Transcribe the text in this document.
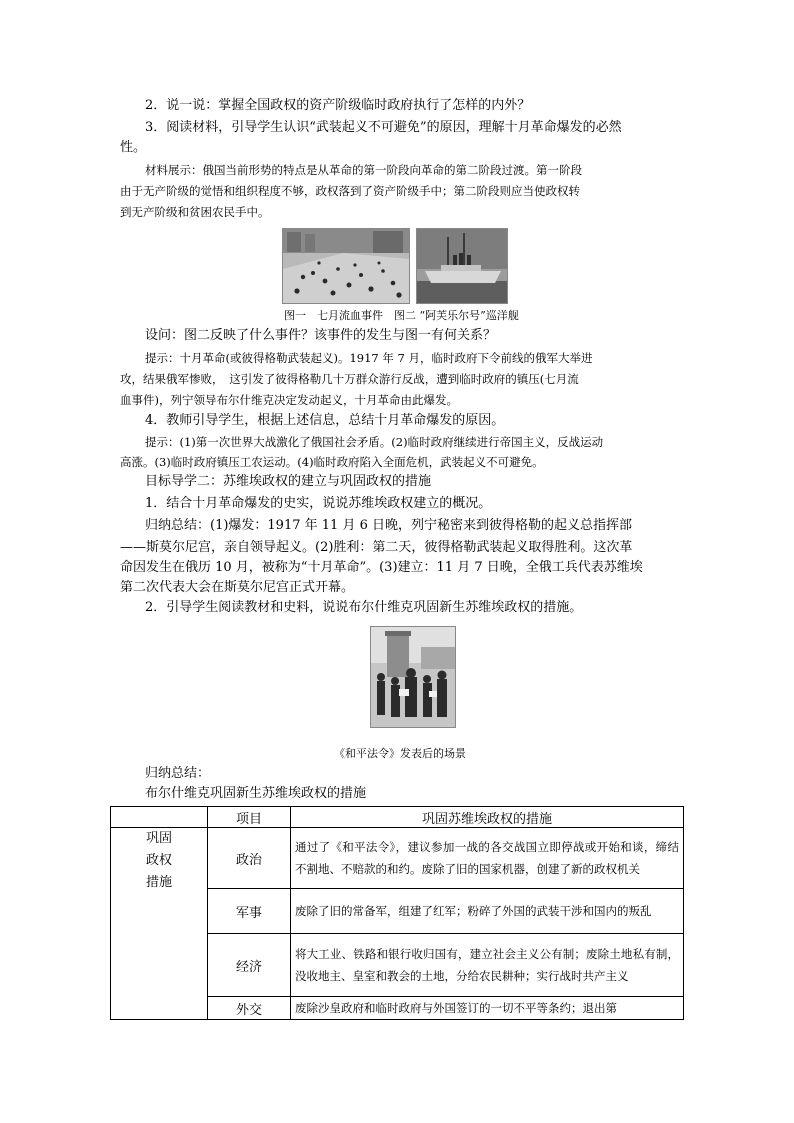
2．说一说：掌握全国政权的资产阶级临时政府执行了怎样的内外？
3．阅读材料，引导学生认识“武装起义不可避免”的原因，理解十月革命爆发的必然
性。
材料展示：俄国当前形势的特点是从革命的第一阶段向革命的第二阶段过渡。第一阶段
由于无产阶级的觉悟和组织程度不够，政权落到了资产阶级手中；第二阶段则应当使政权转
到无产阶级和贫困农民手中。
图一　七月流血事件　图二 “阿芙乐尔号”巡洋舰
设问：图二反映了什么事件？该事件的发生与图一有何关系？
提示：十月革命(或彼得格勒武装起义)。1917 年 7 月，临时政府下令前线的俄军大举进
攻，结果俄军惨败，　这引发了彼得格勒几十万群众游行反战，遭到临时政府的镇压(七月流
血事件)，列宁领导布尔什维克决定发动起义，十月革命由此爆发。
4．教师引导学生，根据上述信息，总结十月革命爆发的原因。
提示：(1)第一次世界大战激化了俄国社会矛盾。(2)临时政府继续进行帝国主义，反战运动
高涨。(3)临时政府镇压工农运动。(4)临时政府陷入全面危机，武装起义不可避免。
目标导学二：苏维埃政权的建立与巩固政权的措施
1．结合十月革命爆发的史实，说说苏维埃政权建立的概况。
归纳总结：(1)爆发：1917 年 11 月 6 日晚，列宁秘密来到彼得格勒的起义总指挥部
——斯莫尔尼宫，亲自领导起义。(2)胜利：第二天，彼得格勒武装起义取得胜利。这次革
命因发生在俄历 10 月，被称为“十月革命”。(3)建立：11 月 7 日晚，全俄工兵代表苏维埃
第二次代表大会在斯莫尔尼宫正式开幕。
2．引导学生阅读教材和史料，说说布尔什维克巩固新生苏维埃政权的措施。
《和平法令》发表后的场景
归纳总结：
布尔什维克巩固新生苏维埃政权的措施
	项目	巩固苏维埃政权的措施

巩固
政权
措施	政治	通过了《和平法令》，建议参加一战的各交战国立即停战或开始和谈，缔结不割地、不赔款的和约。废除了旧的国家机器，创建了新的政权机关
	军事	废除了旧的常备军，组建了红军；粉碎了外国的武装干涉和国内的叛乱
	经济	将大工业、铁路和银行收归国有，建立社会主义公有制；废除土地私有制，没收地主、皇室和教会的土地，分给农民耕种；实行战时共产主义
	外交	废除沙皇政府和临时政府与外国签订的一切不平等条约；退出第
